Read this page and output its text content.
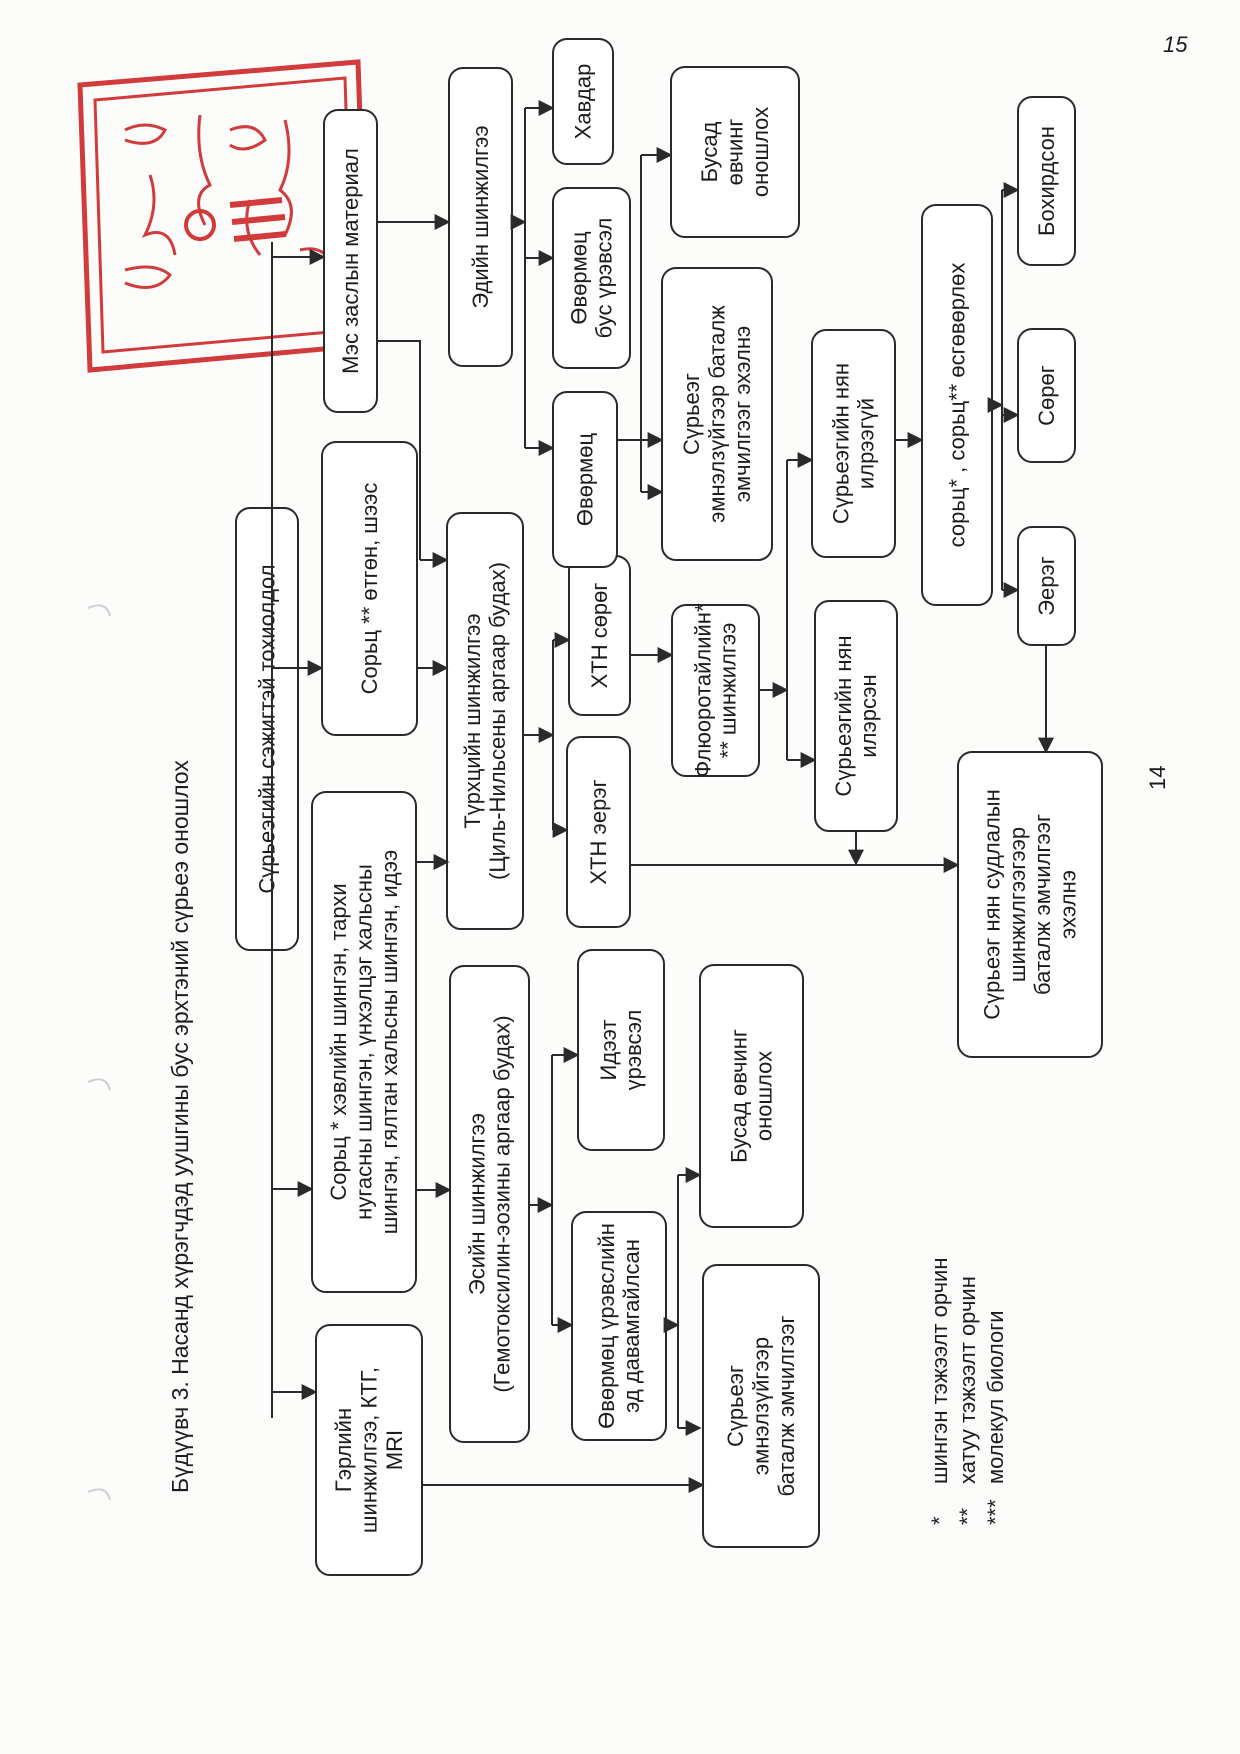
15
14
Бүдүүвч 3. Насанд хүрэгчдэд уушгины бус эрхтэний сүрьеэ оношлох
Сүрьеэгийн сэжигтэй тохиолдол
Гэрлийн шинжилгээ, КТГ, MRI
Сорьц * хэвлийн шингэн, тархи нугасны шингэн, үнхэлцэг хальсны шингэн, гялтан хальсны шингэн, идээ
Сорьц ** өтгөн, шээс
Мэс заслын материал
Эсийн шинжилгээ (Гемотоксилин-эозины аргаар будах)
Эдийн шинжилгээ
Түрхцийн шинжилгээ (Циль-Нильсены аргаар будах)
Өвөрмөц үрэвслийн эд давамгайлсан
Идээт үрэвсэл
Сүрьеэг эмнэлзүйгээр баталж эмчилгээг
Бусад өвчинг оношлох
ХТН эерэг
ХТН сөрөг	Флюоротайлийн* ** шинжилгээ
Өвөрмөц
Өвөрмөц бус үрэвсэл
Хавдар
Сүрьеэг эмнэлзүйгээр баталж эмчилгээг эхэлнэ
Бусад өвчинг оношлох
Сүрьеэгийн нян илэрсэн
Сүрьеэгийн нян илрээгүй	сорьц* , сорьц** өсгөвөрлөх
Эерэг
Сөрөг
Бохирдсон
Сүрьеэг нян судлалын шинжилгээгээр баталж эмчилгээг эхэлнэ
*
шингэн тэжээлт орчин
**
хатуу тэжээлт орчин
***
молекул биологи
